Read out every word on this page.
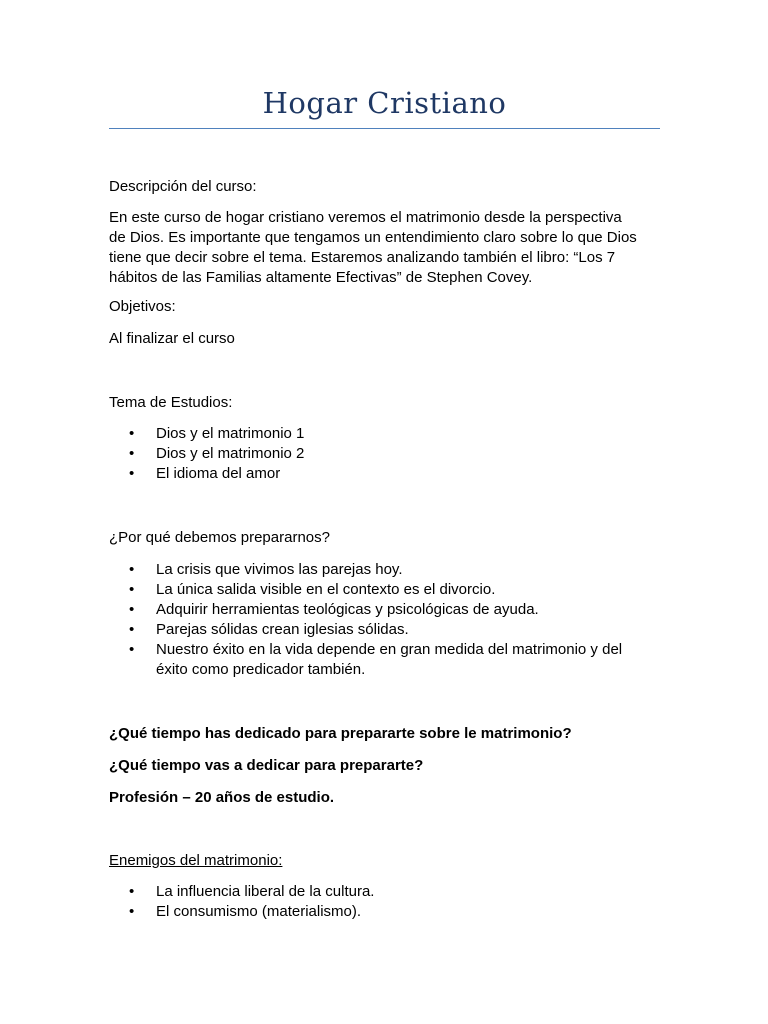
Hogar Cristiano

Descripción del curso:

En este curso de hogar cristiano veremos el matrimonio desde la perspectiva
de Dios. Es importante que tengamos un entendimiento claro sobre lo que Dios
tiene que decir sobre el tema. Estaremos analizando también el libro: “Los 7
hábitos de las Familias altamente Efectivas” de Stephen Covey.

Objetivos:

Al finalizar el curso

Tema de Estudios:

• Dios y el matrimonio 1
• Dios y el matrimonio 2
• El idioma del amor

¿Por qué debemos prepararnos?

• La crisis que vivimos las parejas hoy.
• La única salida visible en el contexto es el divorcio.
• Adquirir herramientas teológicas y psicológicas de ayuda.
• Parejas sólidas crean iglesias sólidas.
• Nuestro éxito en la vida depende en gran medida del matrimonio y del
éxito como predicador también.

¿Qué tiempo has dedicado para prepararte sobre le matrimonio?

¿Qué tiempo vas a dedicar para prepararte?

Profesión – 20 años de estudio.

Enemigos del matrimonio:

• La influencia liberal de la cultura.
• El consumismo (materialismo).
